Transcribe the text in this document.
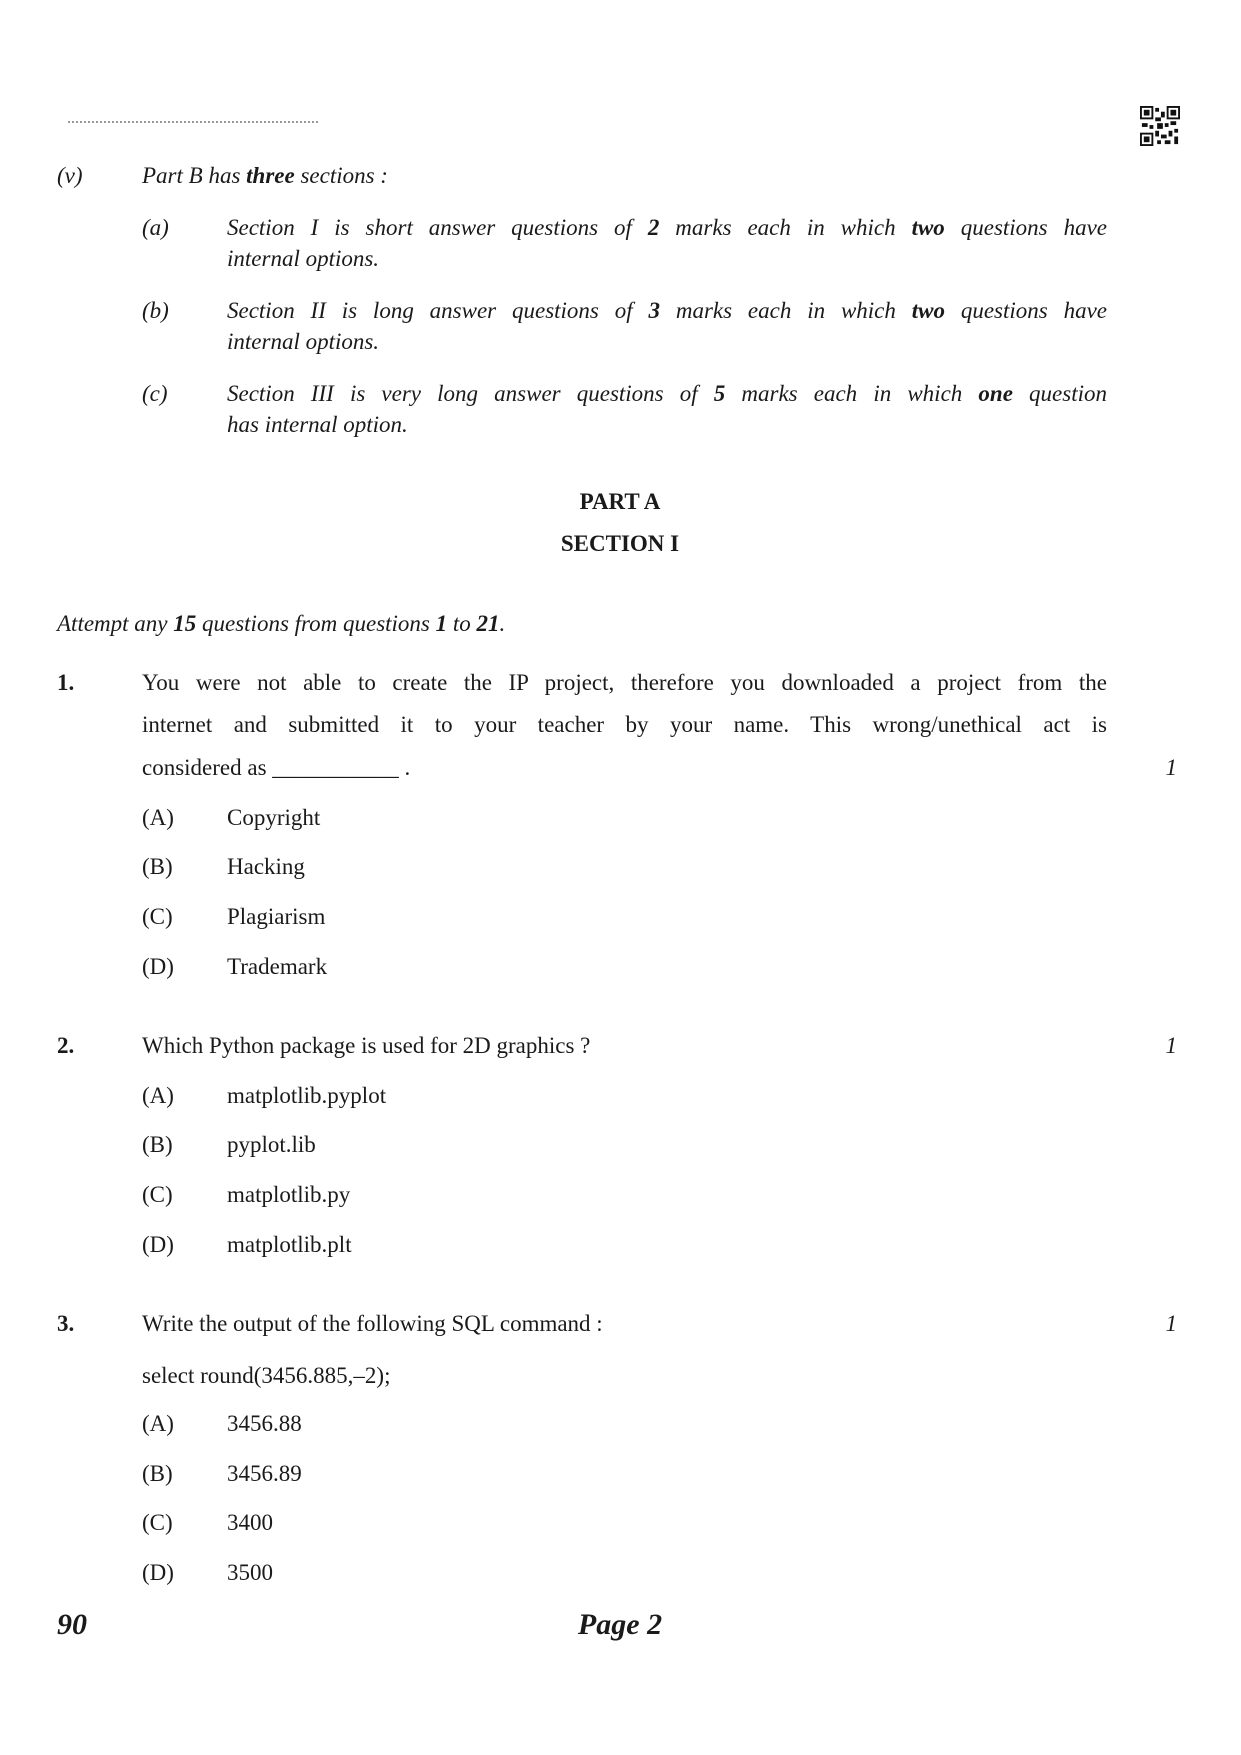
(v)	Part B has three sections :
(a)	Section I is short answer questions of 2 marks each in which two questions have
internal options.
(b)	Section II is long answer questions of 3 marks each in which two questions have
internal options.
(c)	Section III is very long answer questions of 5 marks each in which one question
has internal option.
PART A
SECTION I
Attempt any 15 questions from questions 1 to 21.
1.	You were not able to create the IP project, therefore you downloaded a project from the
internet and submitted it to your teacher by your name. This wrong/unethical act is
considered as ___________ .	1
(A) Copyright
(B) Hacking
(C) Plagiarism
(D) Trademark
2.	Which Python package is used for 2D graphics ?	1
(A) matplotlib.pyplot
(B) pyplot.lib
(C) matplotlib.py
(D) matplotlib.plt
3.	Write the output of the following SQL command :	1
select round(3456.885,–2);
(A) 3456.88
(B) 3456.89
(C) 3400
(D) 3500
90	Page 2
